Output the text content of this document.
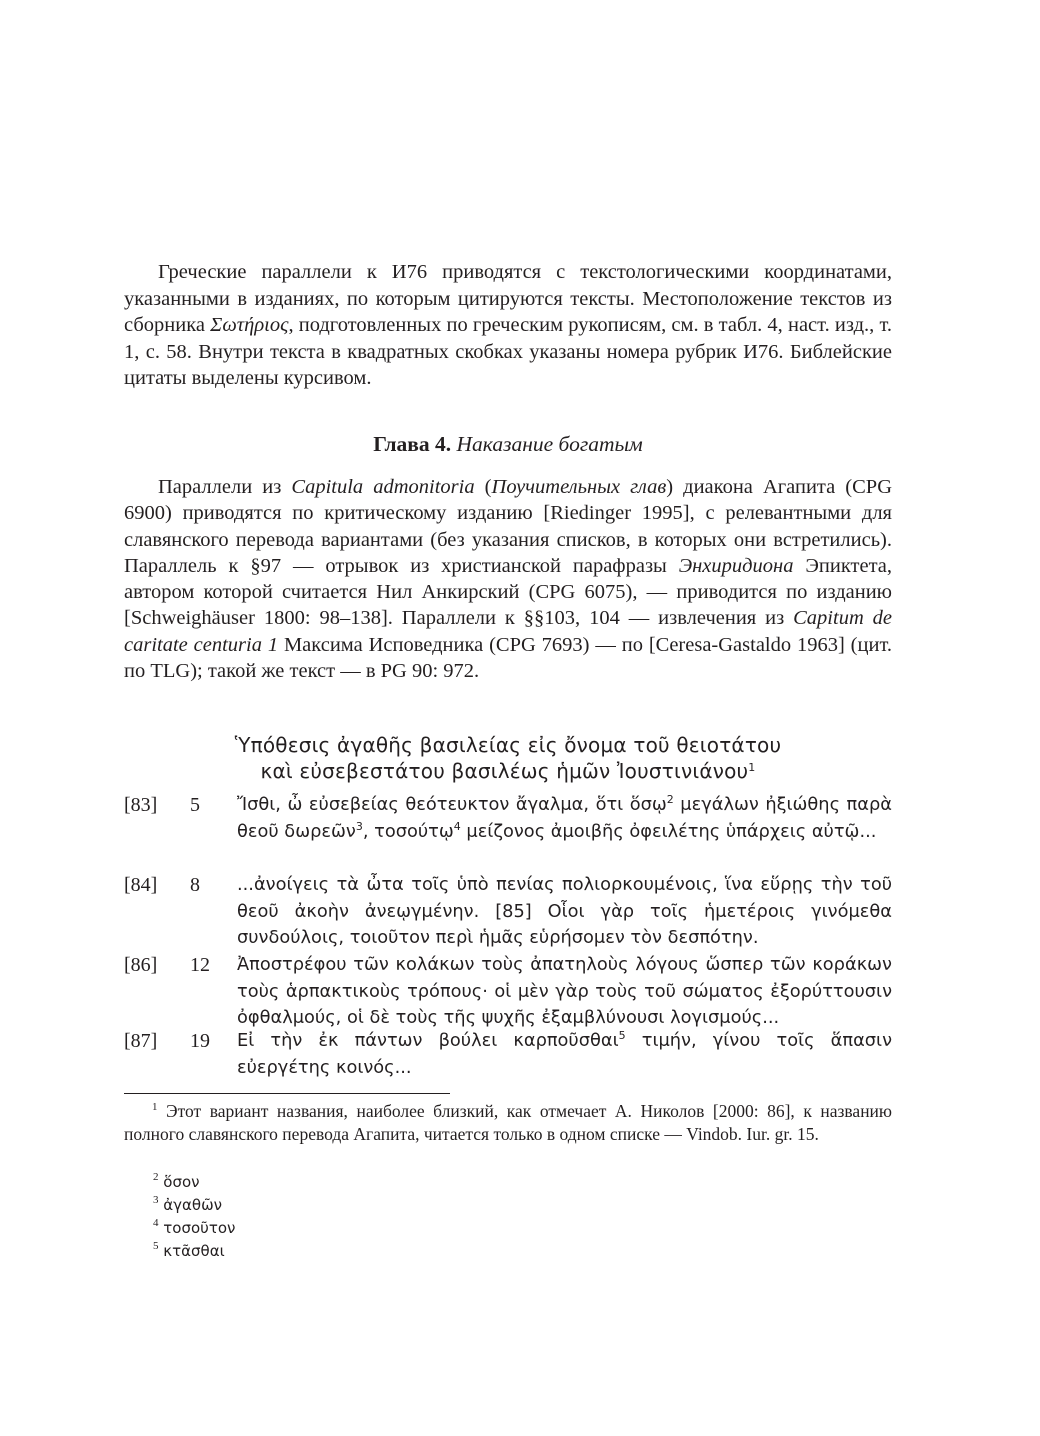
Греческие параллели к И76 приводятся с текстологическими координатами, указанными в изданиях, по которым цитируются тексты. Местоположение текстов из сборника Σωτήριος, подготовленных по греческим рукописям, см. в табл. 4, наст. изд., т. 1, с. 58. Внутри текста в квадратных скобках указаны номера рубрик И76. Библейские цитаты выделены курсивом.

Глава 4. Наказание богатым

Параллели из Capitula admonitoria (Поучительных глав) диакона Агапита (CPG 6900) приводятся по критическому изданию [Riedinger 1995], с релевантными для славянского перевода вариантами (без указания списков, в которых они встретились). Параллель к §97 — отрывок из христианской парафразы Энхиридиона Эпиктета, автором которой считается Нил Анкирский (CPG 6075), — приводится по изданию [Schweighäuser 1800: 98–138]. Параллели к §§103, 104 — извлечения из Capitum de caritate centuria 1 Максима Исповедника (CPG 7693) — по [Ceresa-Gastaldo 1963] (цит. по TLG); такой же текст — в PG 90: 972.

Ὑπόθεσις ἀγαθῆς βασιλείας εἰς ὄνομα τοῦ θειοτάτου
καὶ εὐσεβεστάτου βασιλέως ἡμῶν Ἰουστινιάνου$^1$
[83] 5 Ἴσθι, ὦ εὐσεβείας θεότευκτον ἄγαλμα, ὅτι ὅσῳ$^2$ μεγάλων ἠξιώθης παρὰ θεοῦ δωρεῶν$^3$, τοσούτῳ$^4$ μείζονος ἀμοιβῆς ὀφειλέτης ὑπάρχεις αὐτῷ...
[84] 8 ...ἀνοίγεις τὰ ὦτα τοῖς ὑπὸ πενίας πολιορκουμένοις, ἵνα εὕρῃς τὴν τοῦ θεοῦ ἀκοὴν ἀνεῳγμένην. [85] Οἷοι γὰρ τοῖς ἡμετέροις γινόμεθα συνδούλοις, τοιοῦτον περὶ ἡμᾶς εὑρήσομεν τὸν δεσπότην.
[86] 12 Ἀποστρέφου τῶν κολάκων τοὺς ἀπατηλοὺς λόγους ὥσπερ τῶν κοράκων τοὺς ἁρπακτικοὺς τρόπους· οἱ μὲν γὰρ τοὺς τοῦ σώματος ἐξορύττουσιν ὀφθαλμούς, οἱ δὲ τοὺς τῆς ψυχῆς ἐξαμβλύνουσι λογισμούς...
[87] 19 Εἰ τὴν ἐκ πάντων βούλει καρποῦσθαι$^5$ τιμήν, γίνου τοῖς ἅπασιν εὐεργέτης κοινός...

$^1$ Этот вариант названия, наиболее близкий, как отмечает А. Николов [2000: 86], к названию полного славянского перевода Агапита, читается только в одном списке — Vindob. Iur. gr. 15.

$^2$ ὅσον

$^3$ ἀγαθῶν

$^4$ τοσοῦτον

$^5$ κτᾶσθαι
